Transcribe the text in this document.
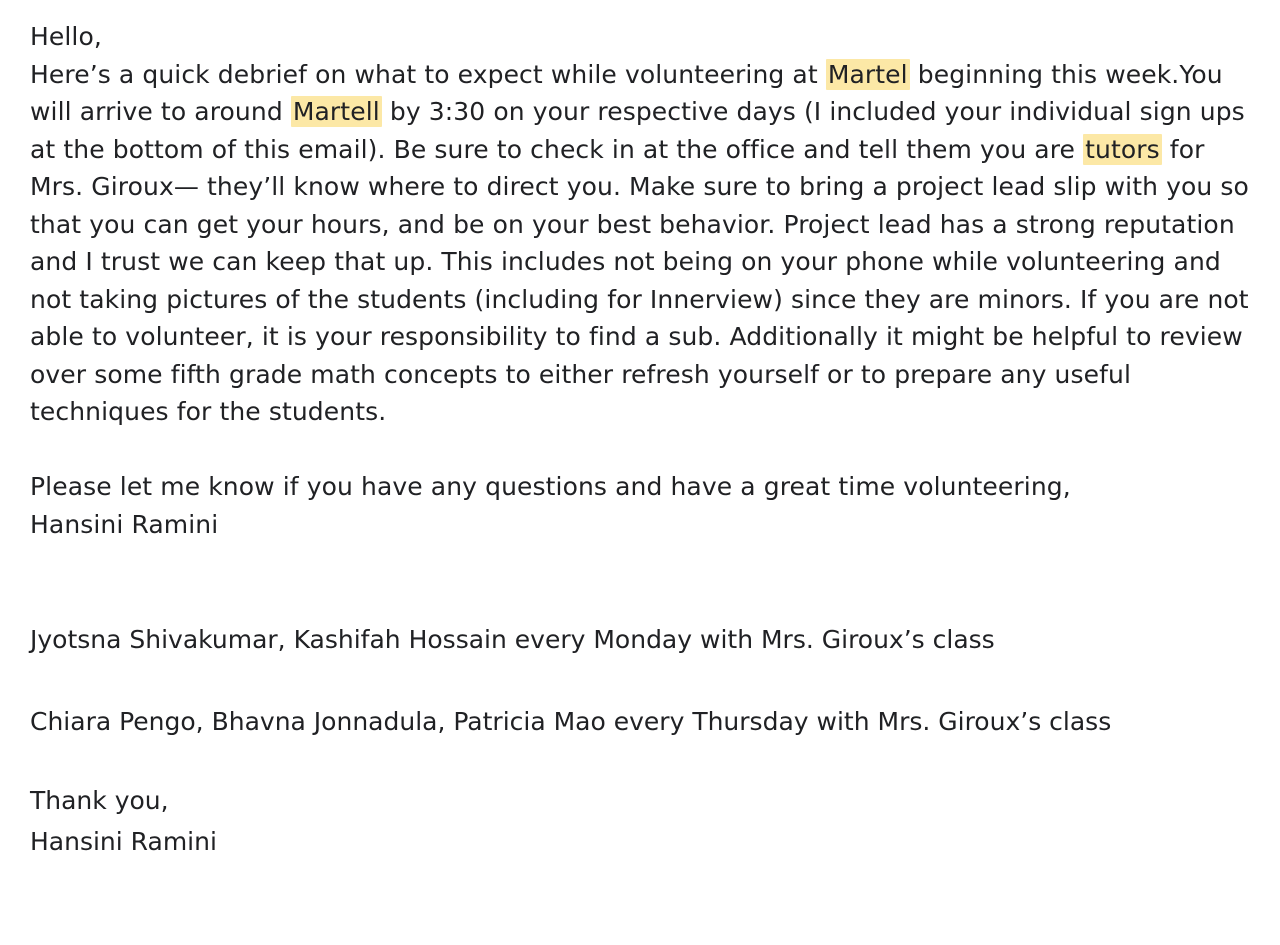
Hello,

Here’s a quick debrief on what to expect while volunteering at Martel beginning this week.You will arrive to around Martell by 3:30 on your respective days (I included your individual sign ups at the bottom of this email). Be sure to check in at the office and tell them you are tutors for Mrs. Giroux— they’ll know where to direct you. Make sure to bring a project lead slip with you so that you can get your hours, and be on your best behavior. Project lead has a strong reputation and I trust we can keep that up. This includes not being on your phone while volunteering and not taking pictures of the students (including for Innerview) since they are minors. If you are not able to volunteer, it is your responsibility to find a sub. Additionally it might be helpful to review over some fifth grade math concepts to either refresh yourself or to prepare any useful techniques for the students.

Please let me know if you have any questions and have a great time volunteering,

Hansini Ramini

Jyotsna Shivakumar, Kashifah Hossain every Monday with Mrs. Giroux’s class

Chiara Pengo, Bhavna Jonnadula, Patricia Mao every Thursday with Mrs. Giroux’s class

Thank you,

Hansini Ramini
